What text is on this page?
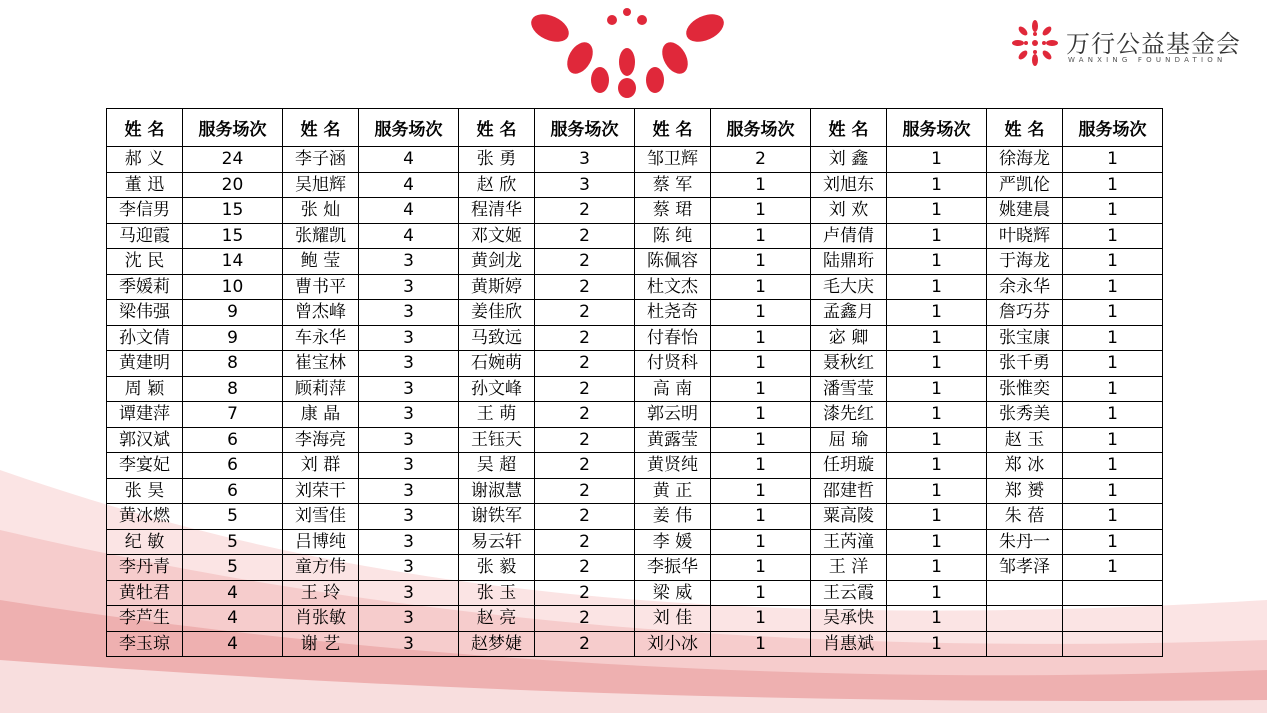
万行公益基金会
WANXING FOUNDATION
姓 名	服务场次	姓 名	服务场次	姓 名	服务场次	姓 名	服务场次	姓 名	服务场次	姓 名	服务场次
郝 义	24	李子涵	4	张 勇	3	邹卫辉	2	刘 鑫	1	徐海龙	1
董 迅	20	吴旭辉	4	赵 欣	3	蔡 军	1	刘旭东	1	严凯伦	1
李信男	15	张 灿	4	程清华	2	蔡 珺	1	刘 欢	1	姚建晨	1
马迎霞	15	张耀凯	4	邓文姬	2	陈 纯	1	卢倩倩	1	叶晓辉	1
沈 民	14	鲍 莹	3	黄剑龙	2	陈佩容	1	陆鼎珩	1	于海龙	1
季媛莉	10	曹书平	3	黄斯婷	2	杜文杰	1	毛大庆	1	余永华	1
梁伟强	9	曾杰峰	3	姜佳欣	2	杜尧奇	1	孟鑫月	1	詹巧芬	1
孙文倩	9	车永华	3	马致远	2	付春怡	1	宓 卿	1	张宝康	1
黄建明	8	崔宝林	3	石婉萌	2	付贤科	1	聂秋红	1	张千勇	1
周 颖	8	顾莉萍	3	孙文峰	2	高 南	1	潘雪莹	1	张惟奕	1
谭建萍	7	康 晶	3	王 萌	2	郭云明	1	漆先红	1	张秀美	1
郭汉斌	6	李海亮	3	王钰天	2	黄露莹	1	屈 瑜	1	赵 玉	1
李宴妃	6	刘 群	3	吴 超	2	黄贤纯	1	任玥璇	1	郑 冰	1
张 昊	6	刘荣干	3	谢淑慧	2	黄 正	1	邵建哲	1	郑 赟	1
黄冰燃	5	刘雪佳	3	谢铁军	2	姜 伟	1	粟高陵	1	朱 蓓	1
纪 敏	5	吕博纯	3	易云轩	2	李 媛	1	王芮潼	1	朱丹一	1
李丹青	5	童方伟	3	张 毅	2	李振华	1	王 洋	1	邹孝泽	1
黄牡君	4	王 玲	3	张 玉	2	梁 威	1	王云霞	1		
李芦生	4	肖张敏	3	赵 亮	2	刘 佳	1	吴承快	1		
李玉琼	4	谢 艺	3	赵梦婕	2	刘小冰	1	肖惠斌	1		
